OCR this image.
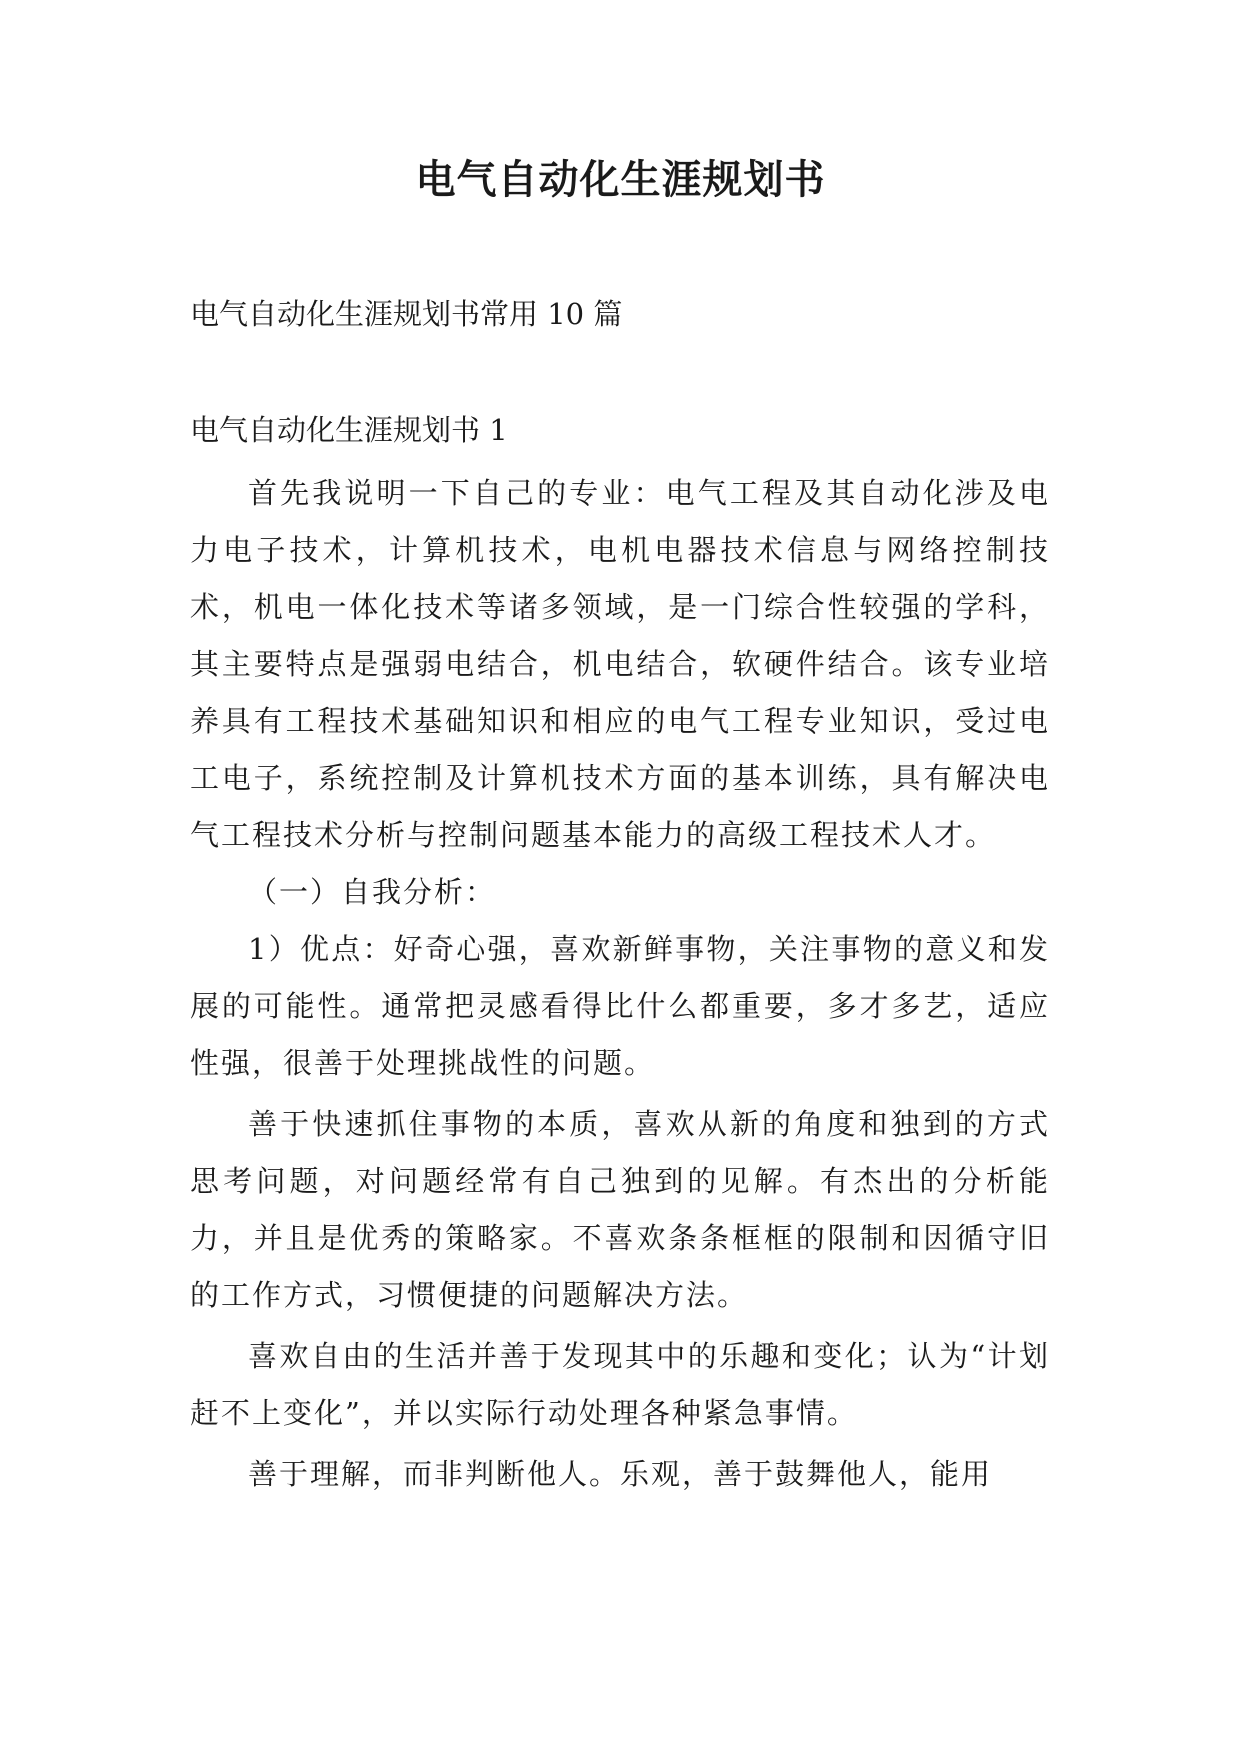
电气自动化生涯规划书

电气自动化生涯规划书常用 10 篇

电气自动化生涯规划书 1

首先我说明一下自己的专业：电气工程及其自动化涉及电力电子技术，计算机技术，电机电器技术信息与网络控制技术，机电一体化技术等诸多领域，是一门综合性较强的学科，其主要特点是强弱电结合，机电结合，软硬件结合。该专业培养具有工程技术基础知识和相应的电气工程专业知识，受过电工电子，系统控制及计算机技术方面的基本训练，具有解决电气工程技术分析与控制问题基本能力的高级工程技术人才。

（一）自我分析：

1）优点：好奇心强，喜欢新鲜事物，关注事物的意义和发展的可能性。通常把灵感看得比什么都重要，多才多艺，适应性强，很善于处理挑战性的问题。

善于快速抓住事物的本质，喜欢从新的角度和独到的方式思考问题，对问题经常有自己独到的见解。有杰出的分析能力，并且是优秀的策略家。不喜欢条条框框的限制和因循守旧的工作方式，习惯便捷的问题解决方法。

喜欢自由的生活并善于发现其中的乐趣和变化；认为“计划赶不上变化”，并以实际行动处理各种紧急事情。

善于理解，而非判断他人。乐观，善于鼓舞他人，能用
